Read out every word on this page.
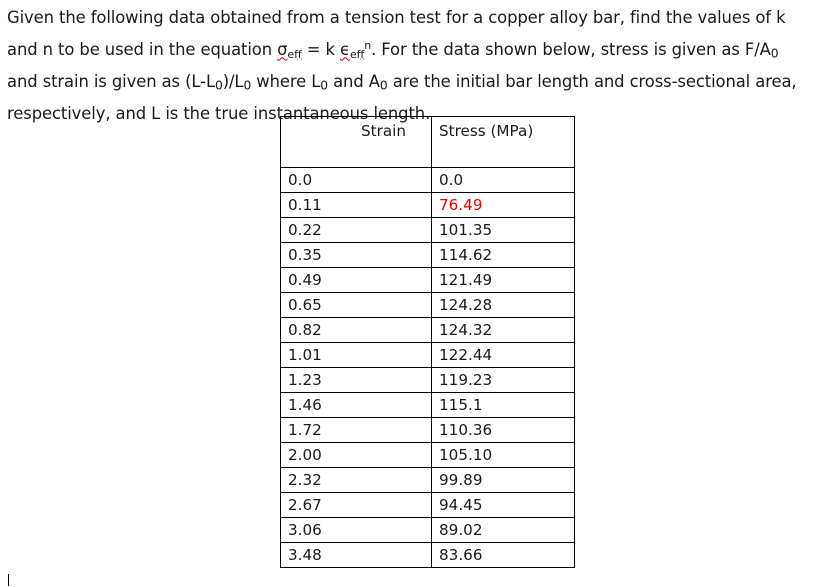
Given the following data obtained from a tension test for a copper alloy bar, find the values of k
and n to be used in the equation $\sigma_{eff} = k$ $\epsilon_{eff}^n$. For the data shown below, stress is given as F/A0
and strain is given as (L-L0)/L0 where L0 and A0 are the initial bar length and cross-sectional area,
respectively, and L is the true instantaneous length.
Strain	Stress (MPa)
0.0	0.0
0.11	76.49
0.22	101.35
0.35	114.62
0.49	121.49
0.65	124.28
0.82	124.32
1.01	122.44
1.23	119.23
1.46	115.1
1.72	110.36
2.00	105.10
2.32	99.89
2.67	94.45
3.06	89.02
3.48	83.66
